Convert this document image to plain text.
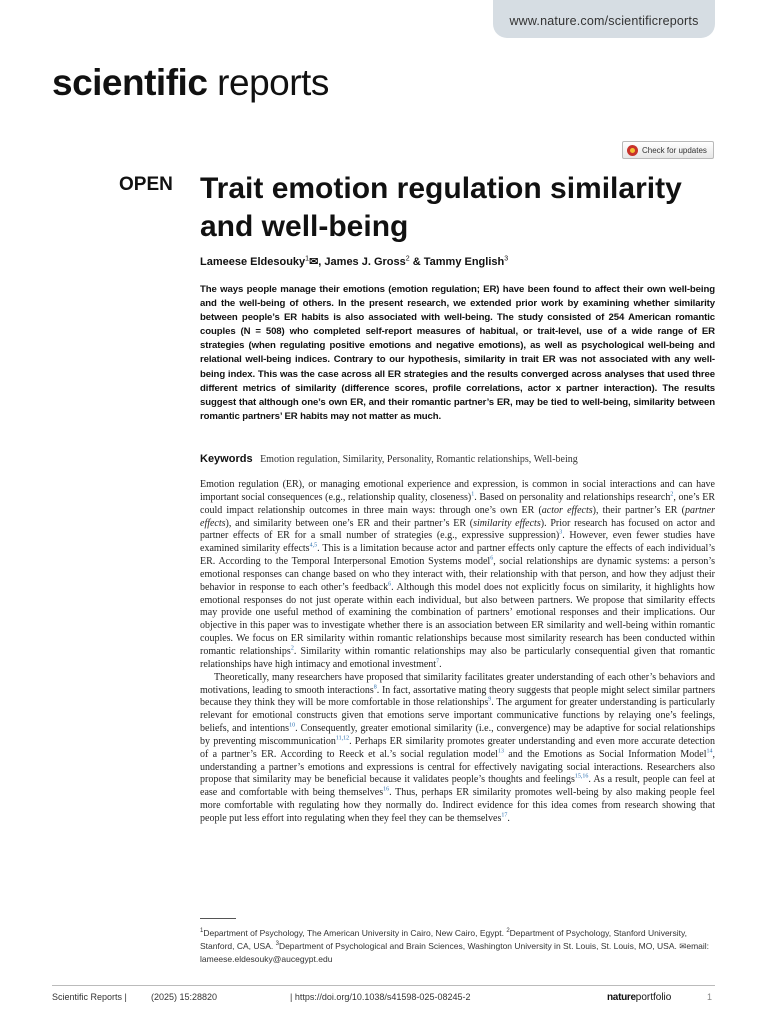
www.nature.com/scientificreports
scientific reports
Check for updates
OPEN Trait emotion regulation similarity and well-being
Lameese Eldesouky$^1$✉, James J. Gross$^2$ & Tammy English$^3$

The ways people manage their emotions (emotion regulation; ER) have been found to affect their own well-being and the well-being of others. In the present research, we extended prior work by examining whether similarity between people’s ER habits is also associated with well-being. The study consisted of 254 American romantic couples (N = 508) who completed self-report measures of habitual, or trait-level, use of a wide range of ER strategies (when regulating positive emotions and negative emotions), as well as psychological well-being and relational well-being indices. Contrary to our hypothesis, similarity in trait ER was not associated with any well-being index. This was the case across all ER strategies and the results converged across analyses that used three different metrics of similarity (difference scores, profile correlations, actor x partner interaction). The results suggest that although one’s own ER, and their romantic partner’s ER, may be tied to well-being, similarity between romantic partners’ ER habits may not matter as much.

Keywords Emotion regulation, Similarity, Personality, Romantic relationships, Well-being

Emotion regulation (ER), or managing emotional experience and expression, is common in social interactions and can have important social consequences (e.g., relationship quality, closeness)$^1$. Based on personality and relationships research$^2$, one’s ER could impact relationship outcomes in three main ways: through one’s own ER (actor effects), their partner’s ER (partner effects), and similarity between one’s ER and their partner’s ER (similarity effects). Prior research has focused on actor and partner effects of ER for a small number of strategies (e.g., expressive suppression)$^3$. However, even fewer studies have examined similarity effects$^{4,5}$. This is a limitation because actor and partner effects only capture the effects of each individual’s ER. According to the Temporal Interpersonal Emotion Systems model$^6$, social relationships are dynamic systems: a person’s emotional responses can change based on who they interact with, their relationship with that person, and how they adjust their behavior in response to each other’s feedback$^6$. Although this model does not explicitly focus on similarity, it highlights how emotional responses do not just operate within each individual, but also between partners. We propose that similarity effects may provide one useful method of examining the combination of partners’ emotional responses and their implications. Our objective in this paper was to investigate whether there is an association between ER similarity and well-being within romantic couples. We focus on ER similarity within romantic relationships because most similarity research has been conducted within romantic relationships$^2$. Similarity within romantic relationships may also be particularly consequential given that romantic relationships have high intimacy and emotional investment$^7$.

Theoretically, many researchers have proposed that similarity facilitates greater understanding of each other’s behaviors and motivations, leading to smooth interactions$^8$. In fact, assortative mating theory suggests that people might select similar partners because they think they will be more comfortable in those relationships$^9$. The argument for greater understanding is particularly relevant for emotional constructs given that emotions serve important communicative functions by relaying one’s feelings, beliefs, and intentions$^{10}$. Consequently, greater emotional similarity (i.e., convergence) may be adaptive for social relationships by preventing miscommunication$^{11,12}$. Perhaps ER similarity promotes greater understanding and even more accurate detection of a partner’s ER. According to Reeck et al.’s social regulation model$^{13}$ and the Emotions as Social Information Model$^{14}$, understanding a partner’s emotions and expressions is central for effectively navigating social interactions. Researchers also propose that similarity may be beneficial because it validates people’s thoughts and feelings$^{15,16}$. As a result, people can feel at ease and comfortable with being themselves$^{16}$. Thus, perhaps ER similarity promotes well-being by also making people feel more comfortable with regulating how they normally do. Indirect evidence for this idea comes from research showing that people put less effort into regulating when they feel they can be themselves$^{17}$.

$^1$Department of Psychology, The American University in Cairo, New Cairo, Egypt. $^2$Department of Psychology, Stanford University, Stanford, CA, USA. $^3$Department of Psychological and Brain Sciences, Washington University in St. Louis, St. Louis, MO, USA. ✉email: lameese.eldesouky@aucegypt.edu
Scientific Reports |	(2025) 15:28820	| https://doi.org/10.1038/s41598-025-08245-2	natureportfolio	1
